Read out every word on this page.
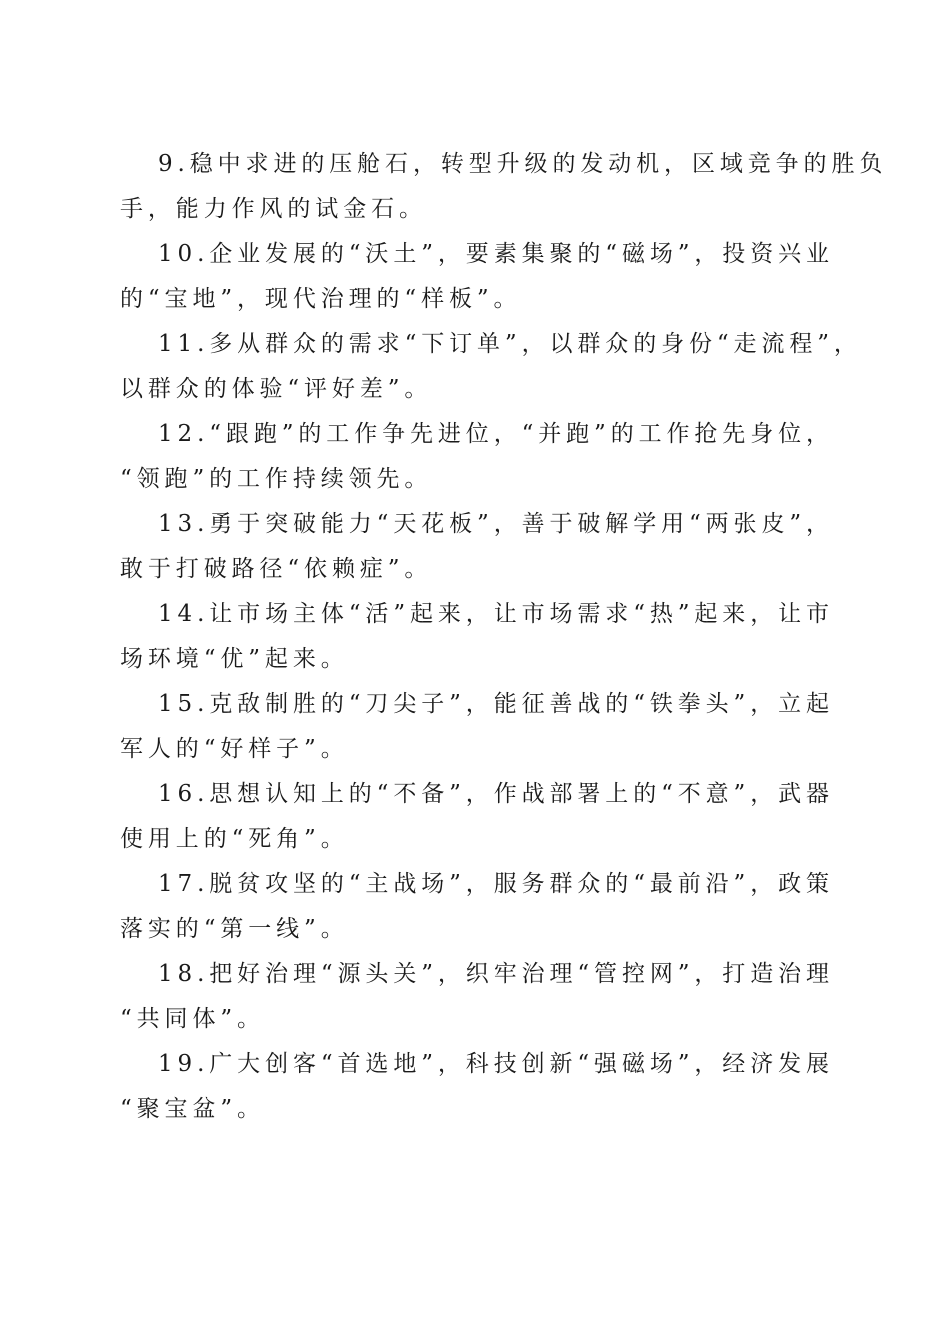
9.稳中求进的压舱石，转型升级的发动机，区域竞争的胜负
手，能力作风的试金石。
10.企业发展的“沃土”，要素集聚的“磁场”，投资兴业
的“宝地”，现代治理的“样板”。
11.多从群众的需求“下订单”，以群众的身份“走流程”，
以群众的体验“评好差”。
12.“跟跑”的工作争先进位，“并跑”的工作抢先身位，
“领跑”的工作持续领先。
13.勇于突破能力“天花板”，善于破解学用“两张皮”，
敢于打破路径“依赖症”。
14.让市场主体“活”起来，让市场需求“热”起来，让市
场环境“优”起来。
15.克敌制胜的“刀尖子”，能征善战的“铁拳头”，立起
军人的“好样子”。
16.思想认知上的“不备”，作战部署上的“不意”，武器
使用上的“死角”。
17.脱贫攻坚的“主战场”，服务群众的“最前沿”，政策
落实的“第一线”。
18.把好治理“源头关”，织牢治理“管控网”，打造治理
“共同体”。
19.广大创客“首选地”，科技创新“强磁场”，经济发展
“聚宝盆”。
